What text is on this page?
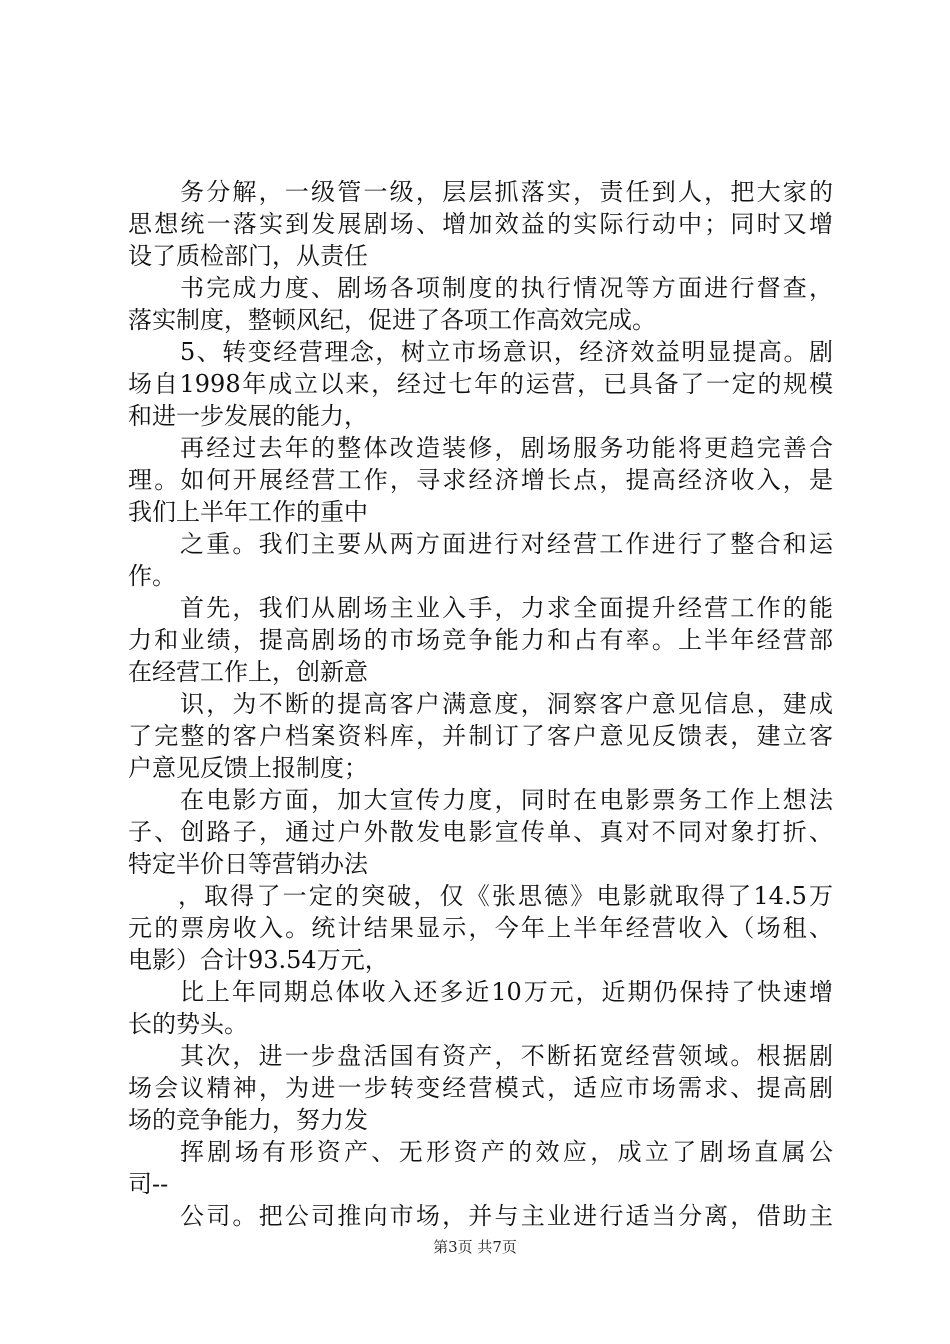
务分解，一级管一级，层层抓落实，责任到人，把大家的
思想统一落实到发展剧场、增加效益的实际行动中；同时又增
设了质检部门，从责任
书完成力度、剧场各项制度的执行情况等方面进行督查，
落实制度，整顿风纪，促进了各项工作高效完成。
5、转变经营理念，树立市场意识，经济效益明显提高。剧
场自1998年成立以来，经过七年的运营，已具备了一定的规模
和进一步发展的能力，
再经过去年的整体改造装修，剧场服务功能将更趋完善合
理。如何开展经营工作，寻求经济增长点，提高经济收入，是
我们上半年工作的重中
之重。我们主要从两方面进行对经营工作进行了整合和运
作。
首先，我们从剧场主业入手，力求全面提升经营工作的能
力和业绩，提高剧场的市场竞争能力和占有率。上半年经营部
在经营工作上，创新意
识，为不断的提高客户满意度，洞察客户意见信息，建成
了完整的客户档案资料库，并制订了客户意见反馈表，建立客
户意见反馈上报制度；
在电影方面，加大宣传力度，同时在电影票务工作上想法
子、创路子，通过户外散发电影宣传单、真对不同对象打折、
特定半价日等营销办法
，取得了一定的突破，仅《张思德》电影就取得了14.5万
元的票房收入。统计结果显示，今年上半年经营收入（场租、
电影）合计93.54万元，
比上年同期总体收入还多近10万元，近期仍保持了快速增
长的势头。
其次，进一步盘活国有资产，不断拓宽经营领域。根据剧
场会议精神，为进一步转变经营模式，适应市场需求、提高剧
场的竞争能力，努力发
挥剧场有形资产、无形资产的效应，成立了剧场直属公
司--
公司。把公司推向市场，并与主业进行适当分离，借助主
第3页 共7页
